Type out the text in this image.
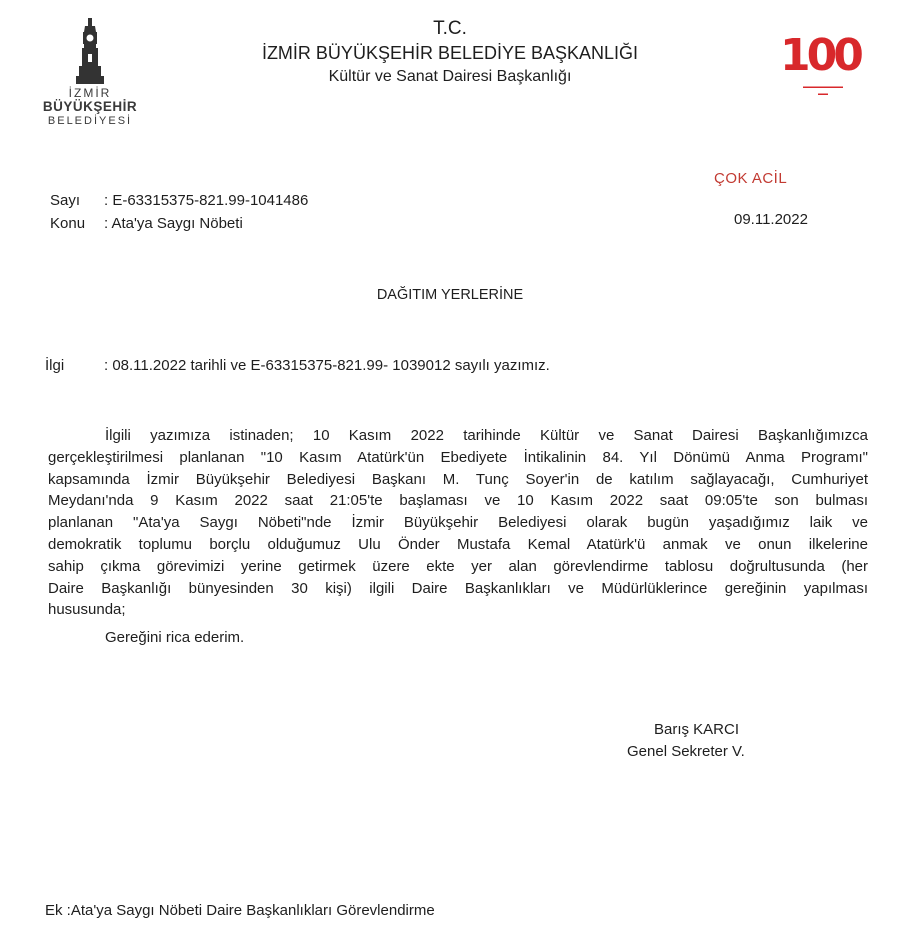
İZMİR
BÜYÜKŞEHİR
BELEDİYESİ
T.C.
İZMİR BÜYÜKŞEHİR BELEDİYE BAŞKANLIĞI
Kültür ve Sanat Dairesi Başkanlığı	100
▬▬▬▬▬▬▬▬
▬▬
ÇOK ACİL
09.11.2022
Sayı : E-63315375-821.99-1041486
Konu : Ata'ya Saygı Nöbeti
DAĞITIM YERLERİNE
İlgi	: 08.11.2022 tarihli ve E-63315375-821.99- 1039012 sayılı yazımız.
İlgili yazımıza istinaden; 10 Kasım 2022 tarihinde Kültür ve Sanat Dairesi Başkanlığımızca
gerçekleştirilmesi planlanan "10 Kasım Atatürk'ün Ebediyete İntikalinin 84. Yıl Dönümü Anma Programı"
kapsamında İzmir Büyükşehir Belediyesi Başkanı M. Tunç Soyer'in de katılım sağlayacağı, Cumhuriyet
Meydanı'nda 9 Kasım 2022 saat 21:05'te başlaması ve 10 Kasım 2022 saat 09:05'te son bulması
planlanan "Ata'ya Saygı Nöbeti"nde İzmir Büyükşehir Belediyesi olarak bugün yaşadığımız laik ve
demokratik toplumu borçlu olduğumuz Ulu Önder Mustafa Kemal Atatürk'ü anmak ve onun ilkelerine
sahip çıkma görevimizi yerine getirmek üzere ekte yer alan görevlendirme tablosu doğrultusunda (her
Daire Başkanlığı bünyesinden 30 kişi) ilgili Daire Başkanlıkları ve Müdürlüklerince gereğinin yapılması
hususunda;
Gereğini rica ederim.
Barış KARCI
Genel Sekreter V.
Ek :Ata'ya Saygı Nöbeti Daire Başkanlıkları Görevlendirme
